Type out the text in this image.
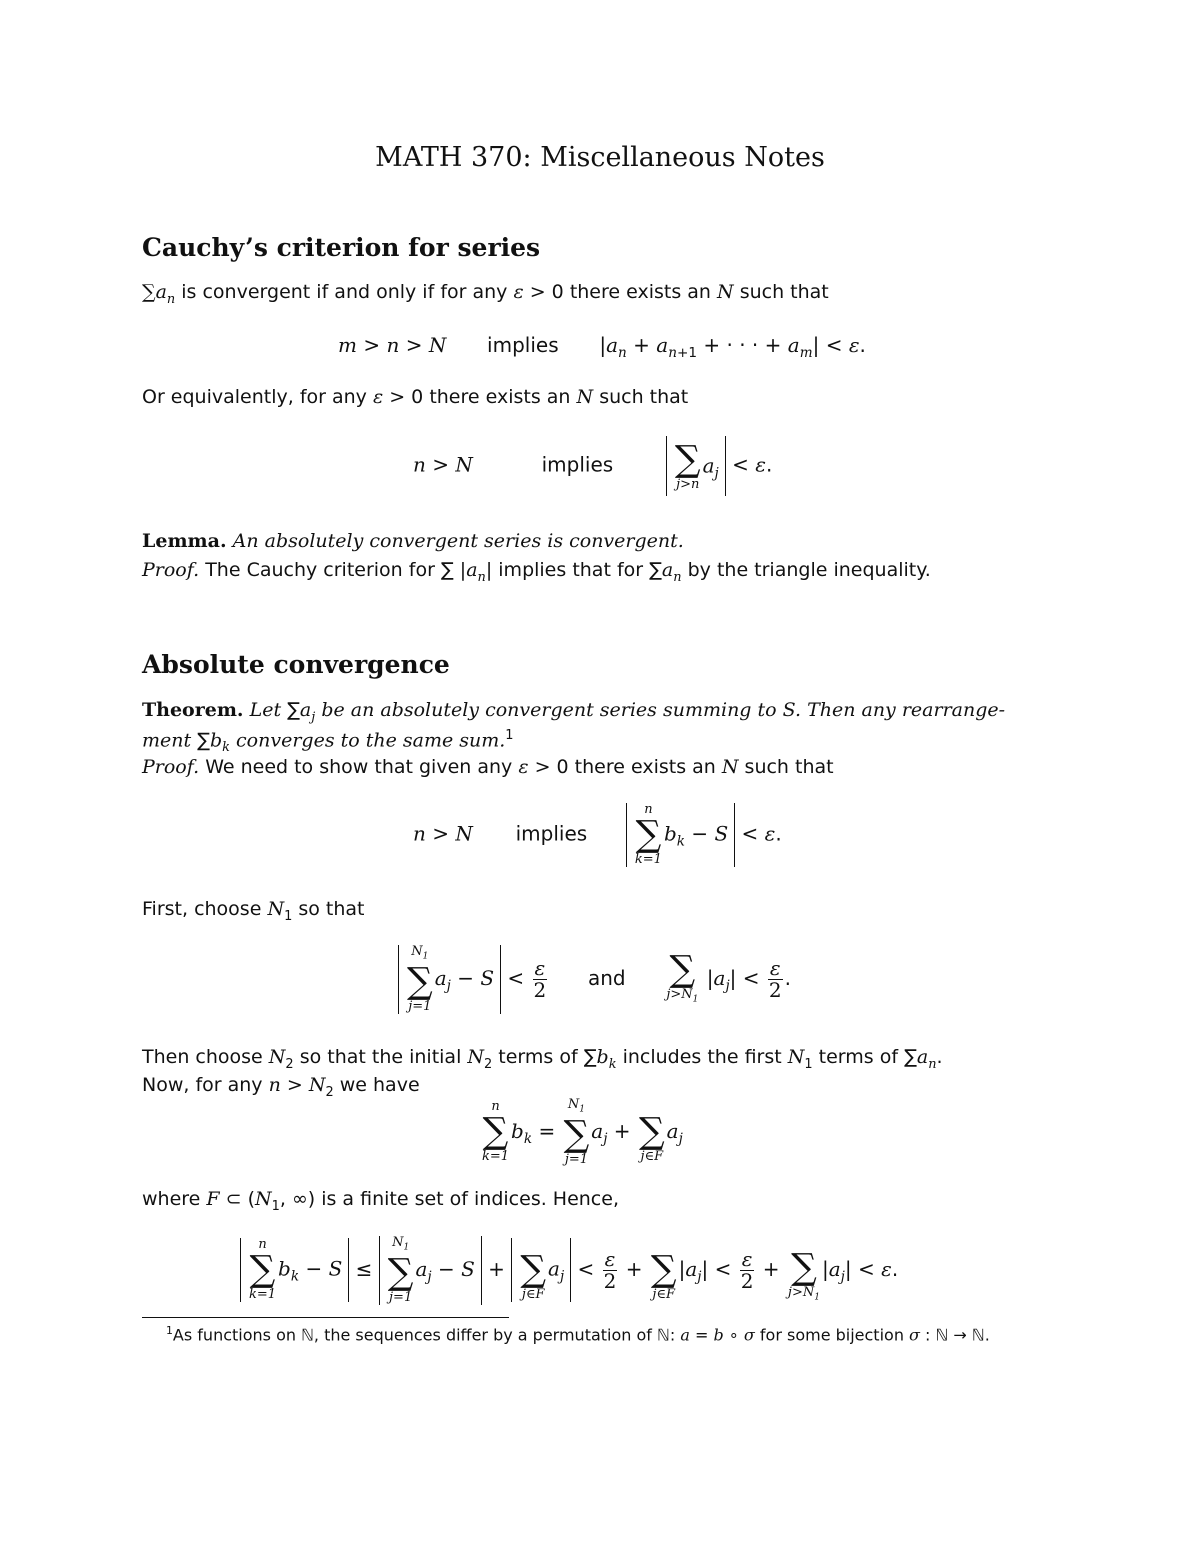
MATH 370: Miscellaneous Notes
Cauchy’s criterion for series
$\sum a_n$ is convergent if and only if for any ε > 0 there exists an N such that
m > n > N implies  $|a_n + a_{n+1}$ + · · · + $a_m| < \varepsilon$.
Or equivalently, for any ε > 0 there exists an N such that
n > N	implies ∑
j>n
$a_j < \varepsilon$.
Lemma. An absolutely convergent series is convergent.
Proof. The Cauchy criterion for ∑ $|a_n|$ implies that for $\sum a_n$ by the triangle inequality.
Absolute convergence
Theorem. Let $\sum a_j$ be an absolutely convergent series summing to S. Then any rearrange-
ment $\sum b_k$ converges to the same sum.$^1$
Proof. We need to show that given any ε > 0 there exists an N such that
n > N implies
n
∑
k=1
$b_k - S < \varepsilon$.
First, choose $N_1$ so that
$N_1$
∑
j=1
$a_j - S < \frac{\varepsilon}{2}$ and ∑
$j>N_1$
$|a_j| < \frac{\varepsilon}{2}$ .
Then choose $N_2$ so that the initial $N_2$ terms of $\sum b_k$ includes the first $N_1$ terms of $\sum a_n$.
Now, for any $n > N_2$ we have
n
∑
k=1
$b_k$ =
$N_1$
∑
j=1
$a_j$ +
∑
j∈F
$a_j$
where F ⊂ ($N_1$, ∞) is a finite set of indices. Hence,
n
∑
k=1
$b_k - S$ ≤
$N_1$
∑
j=1
$a_j - S$ +
∑
j∈F
$a_j < \frac{\varepsilon}{2}$ +
∑
j∈F
$|a_j| < \frac{\varepsilon}{2}$ +
∑
$j>N_1$
$|a_j| < \varepsilon$.
$^1$As functions on ℕ, the sequences differ by a permutation of ℕ: a = b ∘ σ for some bijection σ : ℕ → ℕ.
